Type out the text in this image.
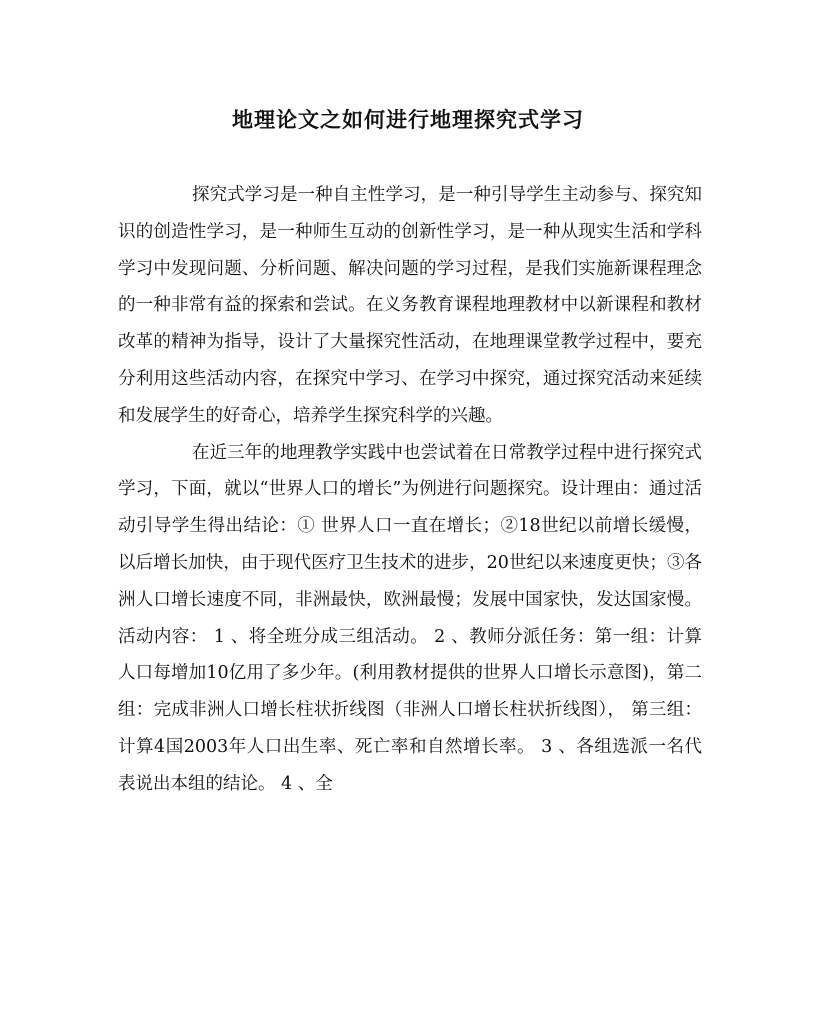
地理论文之如何进行地理探究式学习

探究式学习是一种自主性学习，是一种引导学生主动参与、探究知识的创造性学习，是一种师生互动的创新性学习，是一种从现实生活和学科学习中发现问题、分析问题、解决问题的学习过程，是我们实施新课程理念的一种非常有益的探索和尝试。在义务教育课程地理教材中以新课程和教材改革的精神为指导，设计了大量探究性活动，在地理课堂教学过程中，要充分利用这些活动内容，在探究中学习、在学习中探究，通过探究活动来延续和发展学生的好奇心，培养学生探究科学的兴趣。

在近三年的地理教学实践中也尝试着在日常教学过程中进行探究式学习，下面，就以“世界人口的增长”为例进行问题探究。设计理由：通过活动引导学生得出结论：① 世界人口一直在增长；②18世纪以前增长缓慢，以后增长加快，由于现代医疗卫生技术的进步，20世纪以来速度更快；③各洲人口增长速度不同，非洲最快，欧洲最慢；发展中国家快，发达国家慢。活动内容： 1 、将全班分成三组活动。 2 、教师分派任务：第一组：计算人口每增加10亿用了多少年。(利用教材提供的世界人口增长示意图)，第二组：完成非洲人口增长柱状折线图（非洲人口增长柱状折线图）， 第三组：计算4国2003年人口出生率、死亡率和自然增长率。 3 、各组选派一名代表说出本组的结论。 4 、全
